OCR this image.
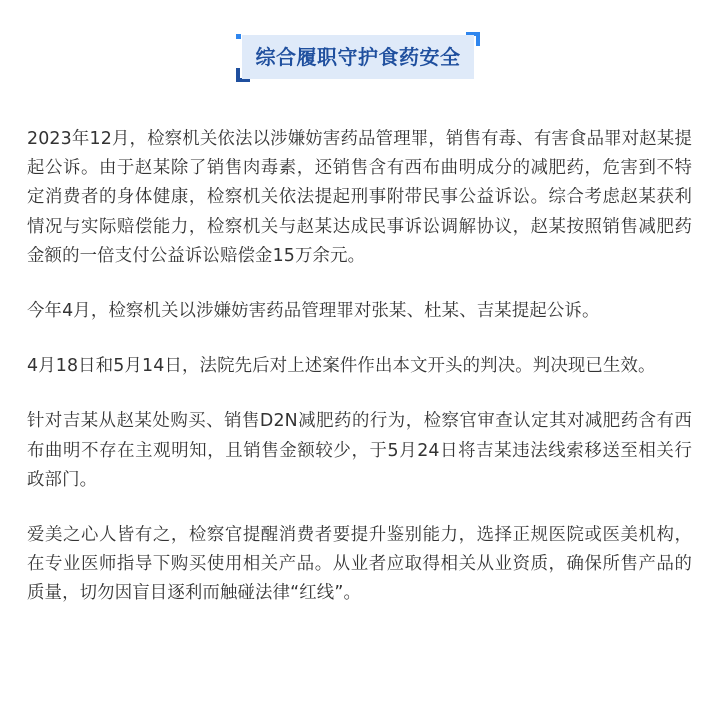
综合履职守护食药安全

2023年12月，检察机关依法以涉嫌妨害药品管理罪，销售有毒、有害食品罪对赵某提起公诉。由于赵某除了销售肉毒素，还销售含有西布曲明成分的减肥药，危害到不特定消费者的身体健康，检察机关依法提起刑事附带民事公益诉讼。综合考虑赵某获利情况与实际赔偿能力，检察机关与赵某达成民事诉讼调解协议，赵某按照销售减肥药金额的一倍支付公益诉讼赔偿金15万余元。

今年4月，检察机关以涉嫌妨害药品管理罪对张某、杜某、吉某提起公诉。

4月18日和5月14日，法院先后对上述案件作出本文开头的判决。判决现已生效。

针对吉某从赵某处购买、销售D2N减肥药的行为，检察官审查认定其对减肥药含有西布曲明不存在主观明知，且销售金额较少，于5月24日将吉某违法线索移送至相关行政部门。

爱美之心人皆有之，检察官提醒消费者要提升鉴别能力，选择正规医院或医美机构，在专业医师指导下购买使用相关产品。从业者应取得相关从业资质，确保所售产品的质量，切勿因盲目逐利而触碰法律“红线”。
